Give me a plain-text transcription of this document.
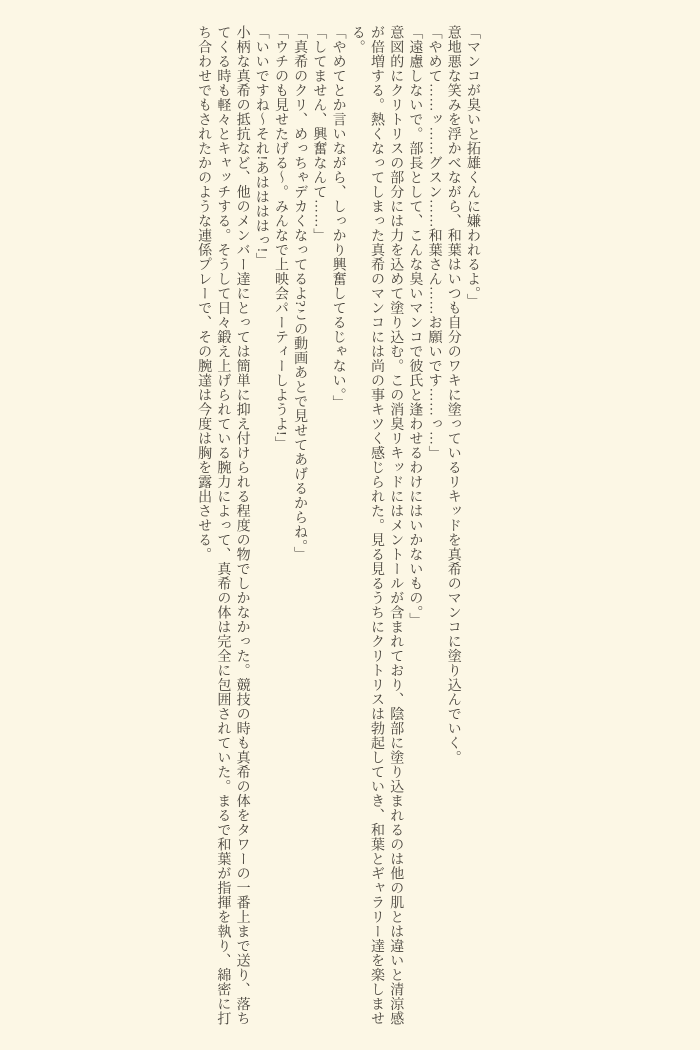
「マンコが臭いと拓雄くんに嫌われるよ。」

意地悪な笑みを浮かべながら、和葉はいつも自分のワキに塗っているリキッドを真希のマンコに塗り込んでいく。

「やめて……ッ……グスン……和葉さん……お願いです……っ…」

「遠慮しないで。部長として、こんな臭いマンコで彼氏と逢わせるわけにはいかないもの。」

意図的にクリトリスの部分には力を込めて塗り込む。この消臭リキッドにはメントールが含まれており、陰部に塗り込まれるのは他の肌とは違いと清涼感が倍増する。熱くなってしまった真希のマンコには尚の事キツく感じられた。見る見るうちにクリトリスは勃起していき、和葉とギャラリー達を楽しませる。

「やめてとか言いながら、しっかり興奮してるじゃない。」

「してません、興奮なんて……」

「真希のクリ、めっちゃデカくなってるよ?この動画あとで見せてあげるからね。」

「ウチのも見せたげる〜。みんなで上映会パーティーしようよ!」

「いいですね〜それ!あははははっ!」

小柄な真希の抵抗など、他のメンバー達にとっては簡単に抑え付けられる程度の物でしかなかった。競技の時も真希の体をタワーの一番上まで送り、落ちてくる時も軽々とキャッチする。そうして日々鍛え上げられている腕力によって、真希の体は完全に包囲されていた。まるで和葉が指揮を執り、綿密に打ち合わせでもされたかのような連係プレーで、その腕達は今度は胸を露出させる。
